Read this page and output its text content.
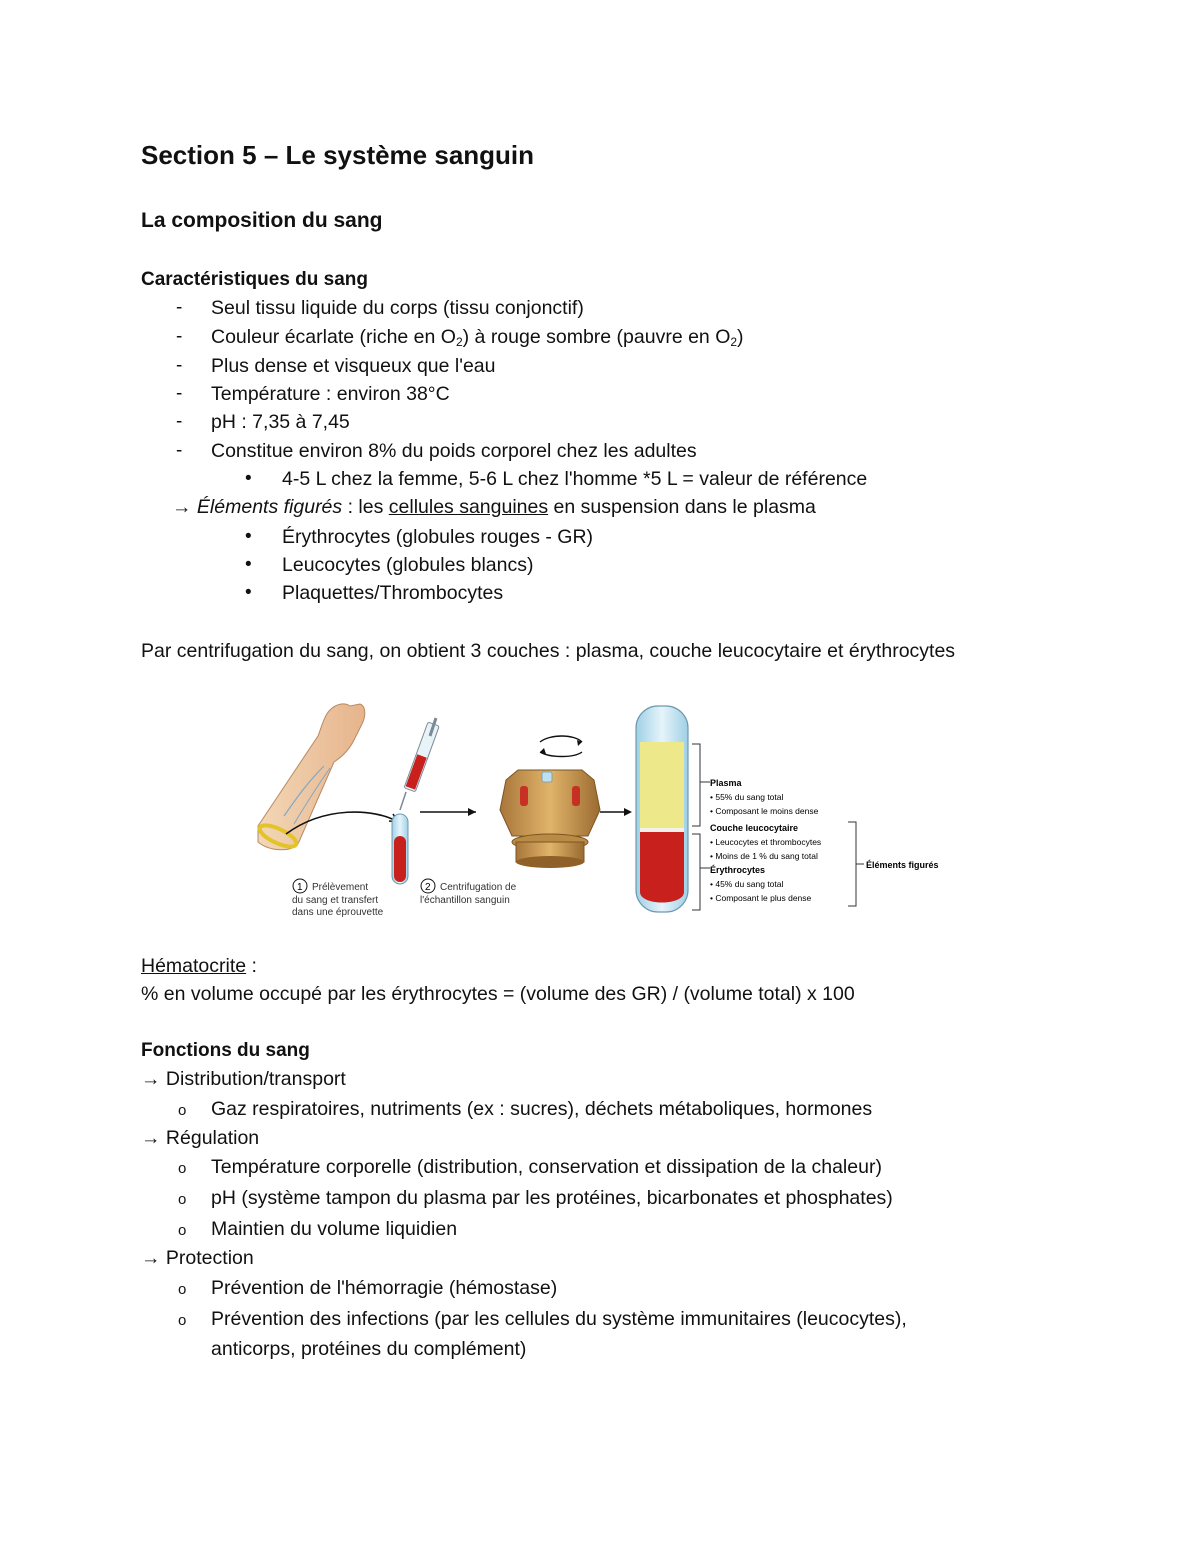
Section 5 – Le système sanguin
La composition du sang
Caractéristiques du sang
- Seul tissu liquide du corps (tissu conjonctif)
- Couleur écarlate (riche en $O_2$) à rouge sombre (pauvre en $O_2$)
- Plus dense et visqueux que l'eau
- Température : environ 38°C
- pH : 7,35 à 7,45
- Constitue environ 8% du poids corporel chez les adultes
• 4-5 L chez la femme, 5-6 L chez l'homme *5 L = valeur de référence
→ Éléments figurés : les cellules sanguines en suspension dans le plasma
• Érythrocytes (globules rouges - GR)
• Leucocytes (globules blancs)
• Plaquettes/Thrombocytes
Par centrifugation du sang, on obtient 3 couches : plasma, couche leucocytaire et érythrocytes
Plasma
• 55% du sang total
• Composant le moins dense
Couche leucocytaire
• Leucocytes et thrombocytes
• Moins de 1 % du sang total
Érythrocytes
• 45% du sang total
• Composant le plus dense
Éléments figurés
1 Prélèvement
du sang et transfert
dans une éprouvette
2 Centrifugation de
l'échantillon sanguin
Hématocrite :
% en volume occupé par les érythrocytes = (volume des GR) / (volume total) x 100
Fonctions du sang
→ Distribution/transport
o Gaz respiratoires, nutriments (ex : sucres), déchets métaboliques, hormones
→ Régulation
o Température corporelle (distribution, conservation et dissipation de la chaleur)
o pH (système tampon du plasma par les protéines, bicarbonates et phosphates)
o Maintien du volume liquidien
→ Protection
o Prévention de l'hémorragie (hémostase)
o Prévention des infections (par les cellules du système immunitaires (leucocytes),
anticorps, protéines du complément)
